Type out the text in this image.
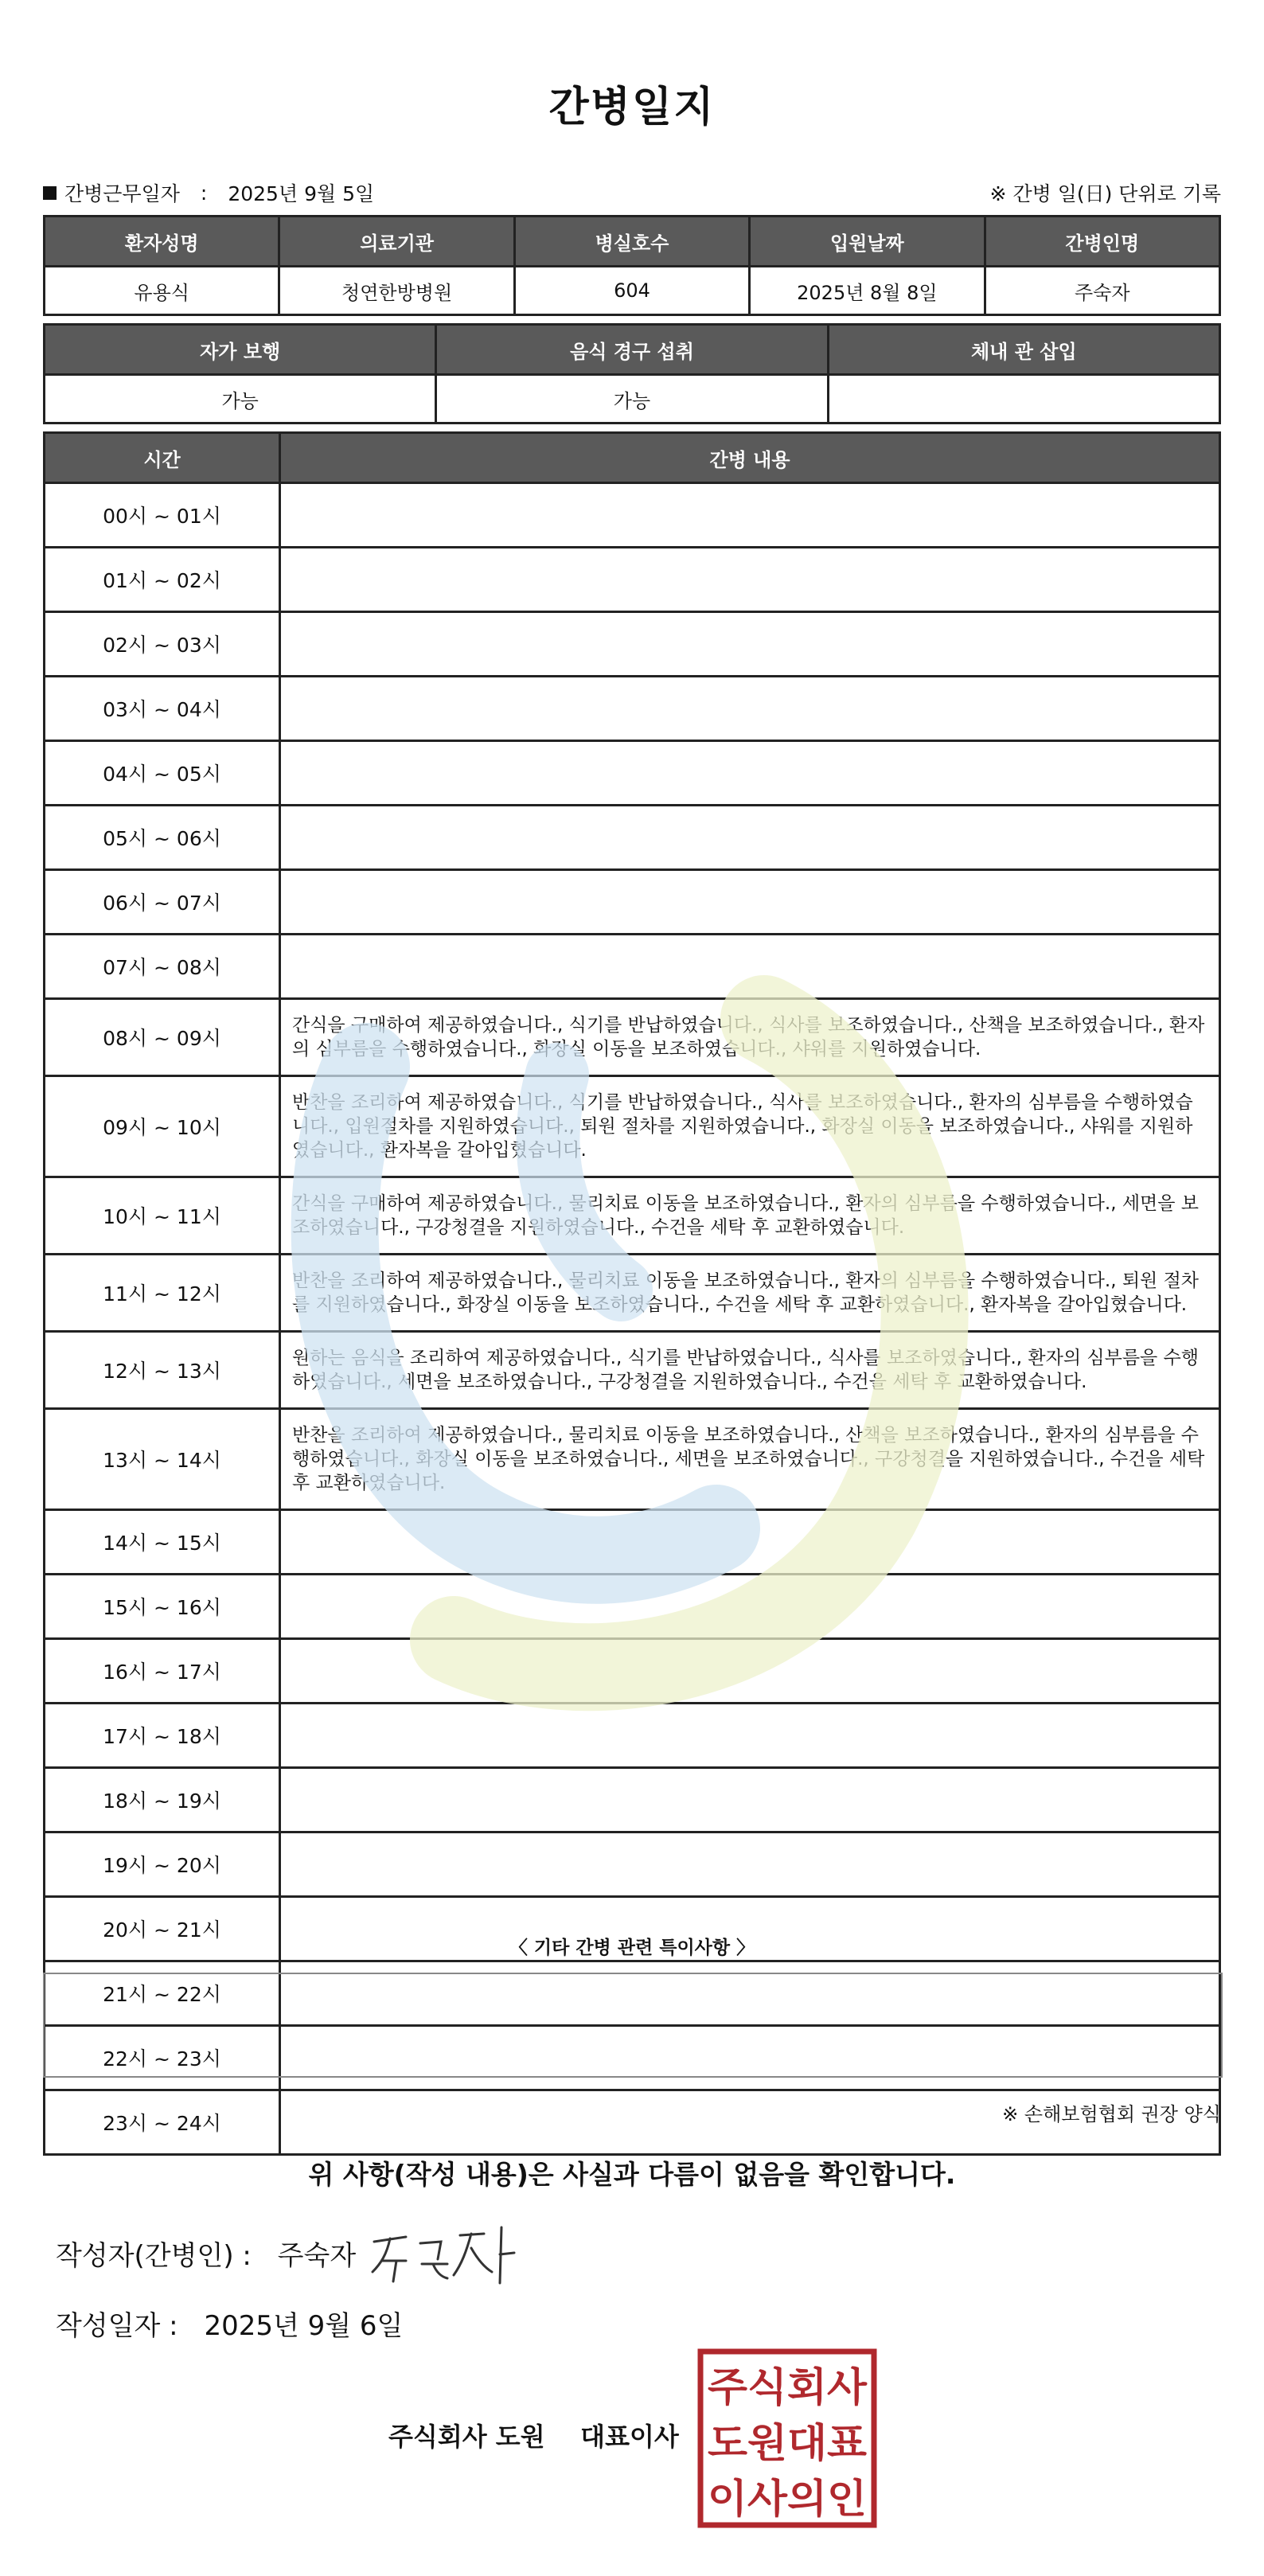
간병일지
간병근무일자 : 2025년 9월 5일	※ 간병 일(日) 단위로 기록
환자성명	의료기관	병실호수	입원날짜	간병인명
유용식	청연한방병원	604	2025년 8월 8일	주숙자
자가 보행	음식 경구 섭취	체내 관 삽입
가능	가능	
시간	간병 내용
00시 ~ 01시	
01시 ~ 02시	
02시 ~ 03시	
03시 ~ 04시	
04시 ~ 05시	
05시 ~ 06시	
06시 ~ 07시	
07시 ~ 08시	
08시 ~ 09시	간식을 구매하여 제공하였습니다., 식기를 반납하였습니다., 식사를 보조하였습니다., 산책을 보조하였습니다., 환자의 심부름을 수행하였습니다., 화장실 이동을 보조하였습니다., 샤워를 지원하였습니다.
09시 ~ 10시	반찬을 조리하여 제공하였습니다., 식기를 반납하였습니다., 식사를 보조하였습니다., 환자의 심부름을 수행하였습니다., 입원절차를 지원하였습니다., 퇴원 절차를 지원하였습니다., 화장실 이동을 보조하였습니다., 샤워를 지원하였습니다., 환자복을 갈아입혔습니다.
10시 ~ 11시	간식을 구매하여 제공하였습니다., 물리치료 이동을 보조하였습니다., 환자의 심부름을 수행하였습니다., 세면을 보조하였습니다., 구강청결을 지원하였습니다., 수건을 세탁 후 교환하였습니다.
11시 ~ 12시	반찬을 조리하여 제공하였습니다., 물리치료 이동을 보조하였습니다., 환자의 심부름을 수행하였습니다., 퇴원 절차를 지원하였습니다., 화장실 이동을 보조하였습니다., 수건을 세탁 후 교환하였습니다., 환자복을 갈아입혔습니다.
12시 ~ 13시	원하는 음식을 조리하여 제공하였습니다., 식기를 반납하였습니다., 식사를 보조하였습니다., 환자의 심부름을 수행하였습니다., 세면을 보조하였습니다., 구강청결을 지원하였습니다., 수건을 세탁 후 교환하였습니다.
13시 ~ 14시	반찬을 조리하여 제공하였습니다., 물리치료 이동을 보조하였습니다., 산책을 보조하였습니다., 환자의 심부름을 수행하였습니다., 화장실 이동을 보조하였습니다., 세면을 보조하였습니다., 구강청결을 지원하였습니다., 수건을 세탁 후 교환하였습니다.
14시 ~ 15시	
15시 ~ 16시	
16시 ~ 17시	
17시 ~ 18시	
18시 ~ 19시	
19시 ~ 20시	
20시 ~ 21시	
21시 ~ 22시	
22시 ~ 23시	
23시 ~ 24시	
〈 기타 간병 관련 특이사항 〉
※ 손해보험협회 권장 양식
위 사항(작성 내용)은 사실과 다름이 없음을 확인합니다.
작성자(간병인) : 주숙자
작성일자 : 2025년 9월 6일
주식회사 도원    대표이사
주식회사
도원대표
이사의인
